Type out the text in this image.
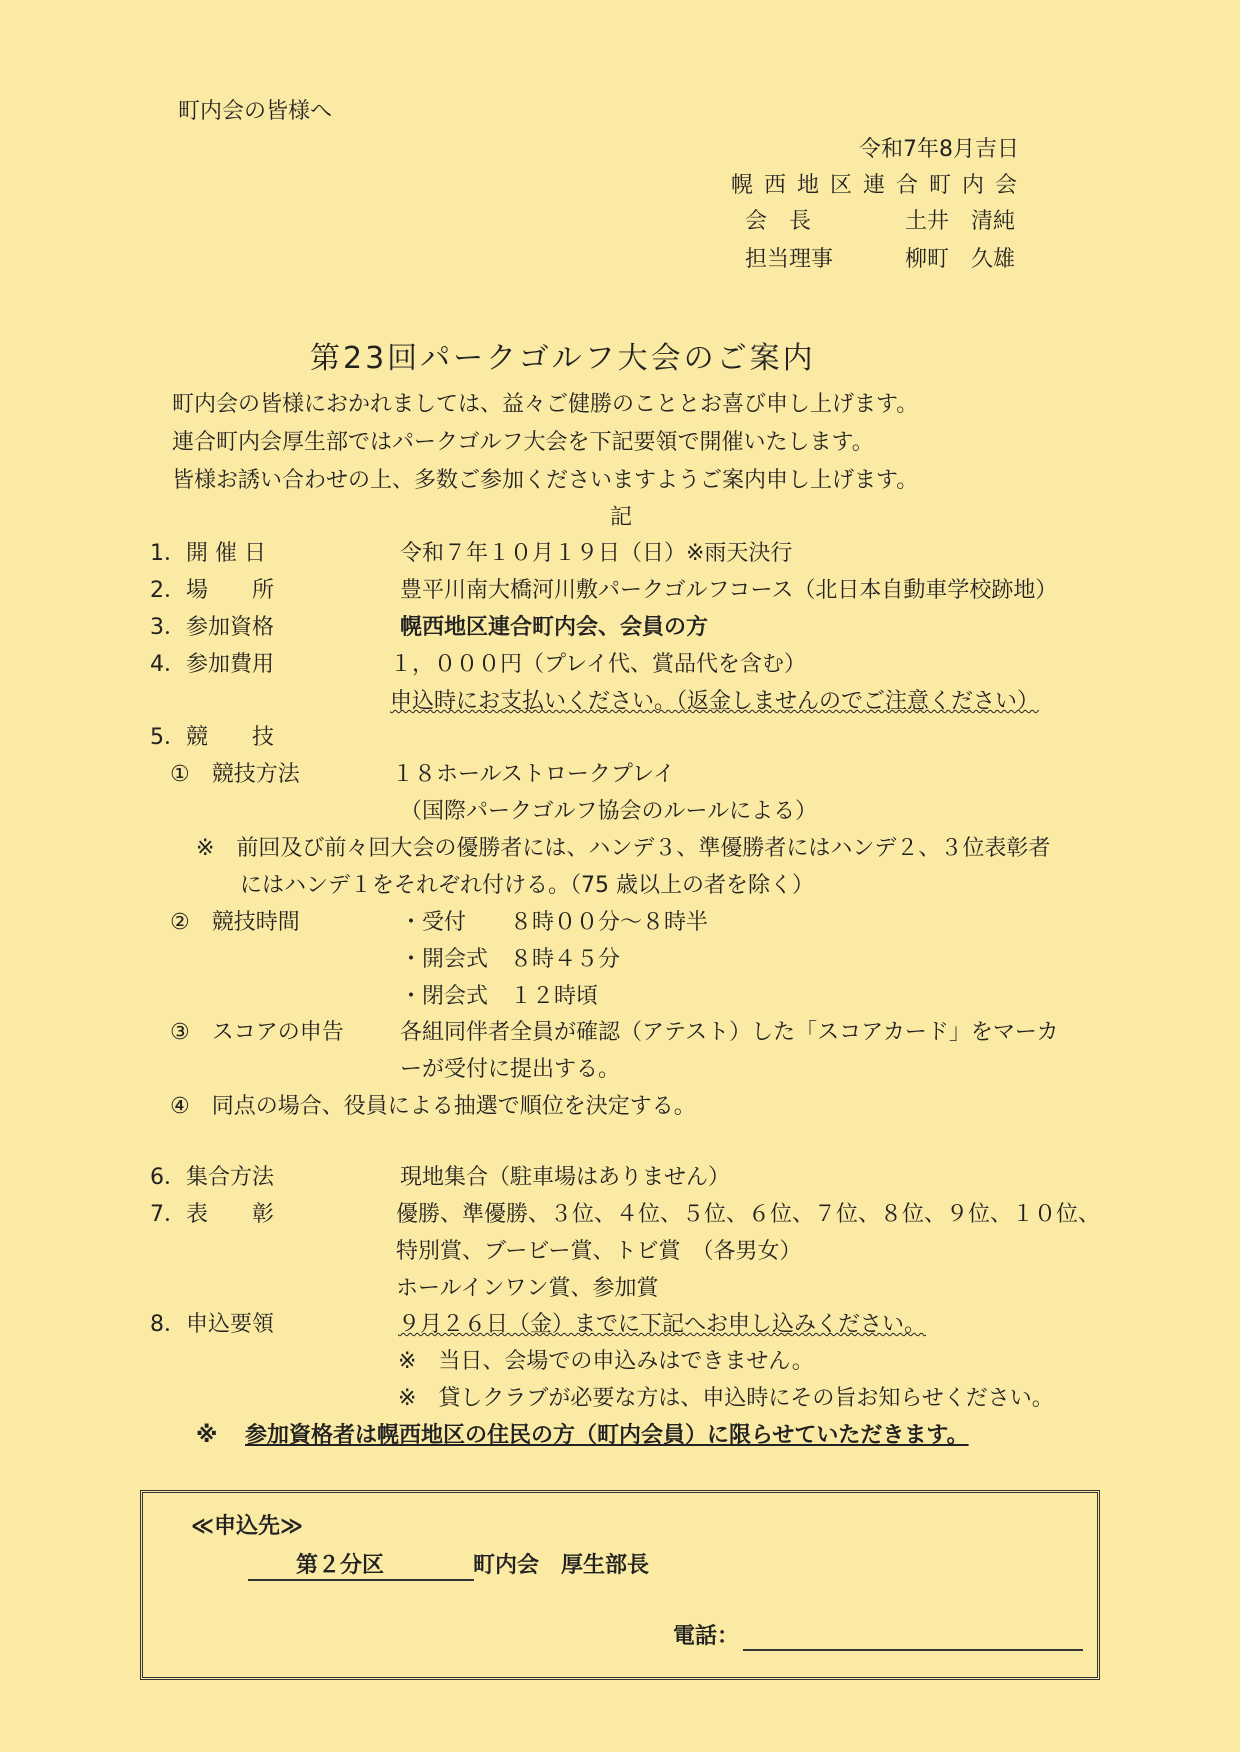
町内会の皆様へ
令和7年8月吉日
幌 西 地 区 連 合 町 内 会
会　長	土井　清純
担当理事	柳町　久雄
第23回パークゴルフ大会のご案内
町内会の皆様におかれましては、益々ご健勝のこととお喜び申し上げます。
連合町内会厚生部ではパークゴルフ大会を下記要領で開催いたします。
皆様お誘い合わせの上、多数ご参加くださいますようご案内申し上げます。
記
1．開 催 日	令和７年１０月１９日（日）※雨天決行
2．場　　所	豊平川南大橋河川敷パークゴルフコース（北日本自動車学校跡地）
3．参加資格	幌西地区連合町内会、会員の方
4．参加費用	１，０００円（プレイ代、賞品代を含む）
申込時にお支払いください。（返金しませんのでご注意ください）
5．競　　技
①　競技方法	１８ホールストロークプレイ
（国際パークゴルフ協会のルールによる）
※　前回及び前々回大会の優勝者には、ハンデ３、準優勝者にはハンデ２、３位表彰者
にはハンデ１をそれぞれ付ける。（75 歳以上の者を除く）
②　競技時間	・受付　　８時００分～８時半
・開会式　８時４５分
・閉会式　１２時頃
③　スコアの申告	各組同伴者全員が確認（アテスト）した「スコアカード」をマーカ
ーが受付に提出する。
④　同点の場合、役員による抽選で順位を決定する。
6．集合方法	現地集合（駐車場はありません）
7．表　　彰	優勝、準優勝、３位、４位、５位、６位、７位、８位、９位、１０位、
特別賞、ブービー賞、トビ賞　（各男女）
ホールインワン賞、参加賞
8．申込要領	９月２６日（金）までに下記へお申し込みください。
※　当日、会場での申込みはできません。
※　貸しクラブが必要な方は、申込時にその旨お知らせください。
※ 参加資格者は幌西地区の住民の方（町内会員）に限らせていただきます。
≪申込先≫
第２分区	町内会　厚生部長
電話：
